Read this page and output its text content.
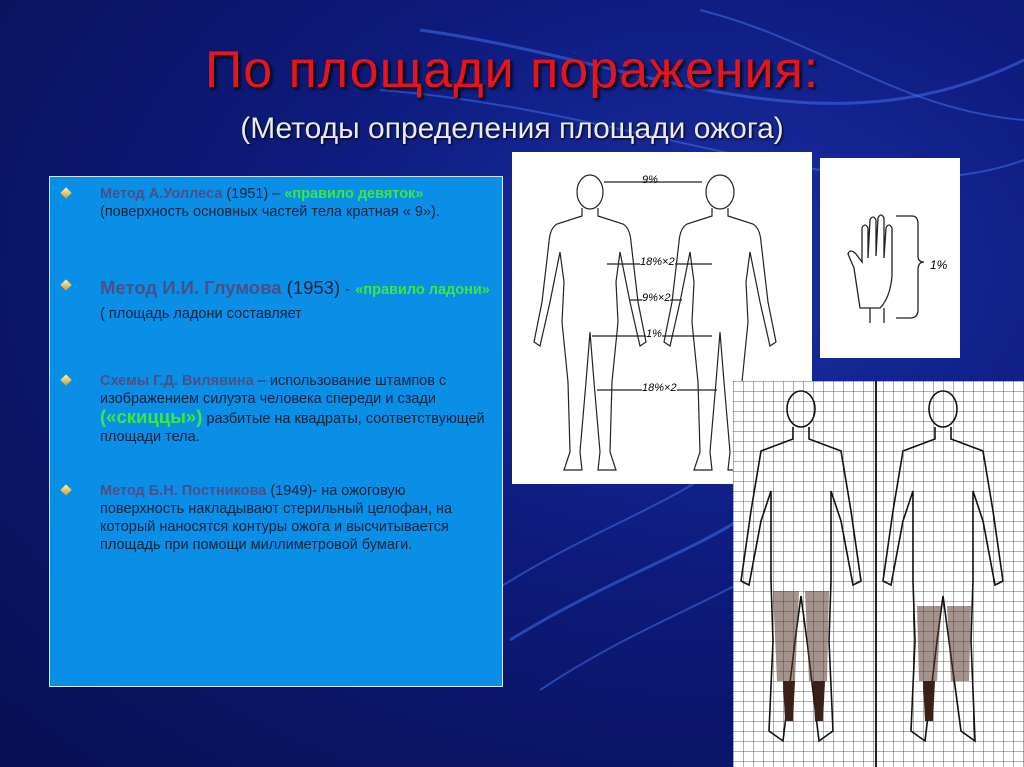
По площади поражения:
(Методы определения площади ожога)
Метод А.Уоллеса (1951) – «правило девяток» (поверхность основных частей тела кратная « 9»).
Метод И.И. Глумова (1953) - «правило ладони» ( площадь ладони составляет
Схемы Г.Д. Вилявина – использование штампов с изображением силуэта человека спереди и сзади («скиццы») разбитые на квадраты, соответствующей площади тела.
Метод Б.Н. Постникова (1949)- на ожоговую поверхность накладывают стерильный целофан, на который наносятся контуры ожога и высчитывается площадь при помощи миллиметровой бумаги.
9%
18%×2
9%×2
1%
18%×2
1%
